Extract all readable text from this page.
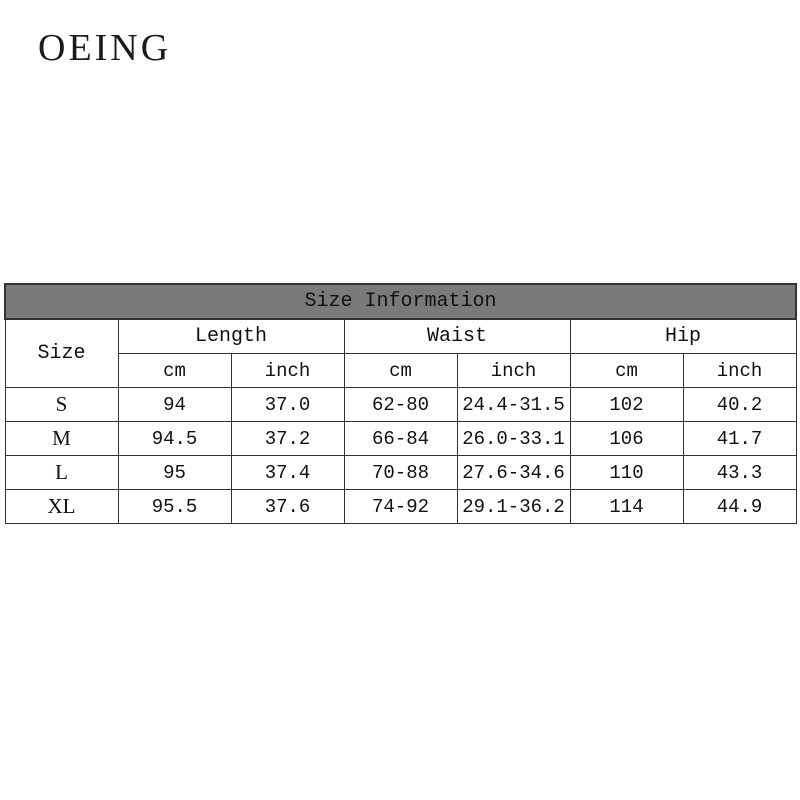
OEING
Size Information						
Size	Length		Waist		Hip	
	cm	inch	cm	inch	cm	inch
S	94	37.0	62-80	24.4-31.5	102	40.2
M	94.5	37.2	66-84	26.0-33.1	106	41.7
L	95	37.4	70-88	27.6-34.6	110	43.3
XL	95.5	37.6	74-92	29.1-36.2	114	44.9
